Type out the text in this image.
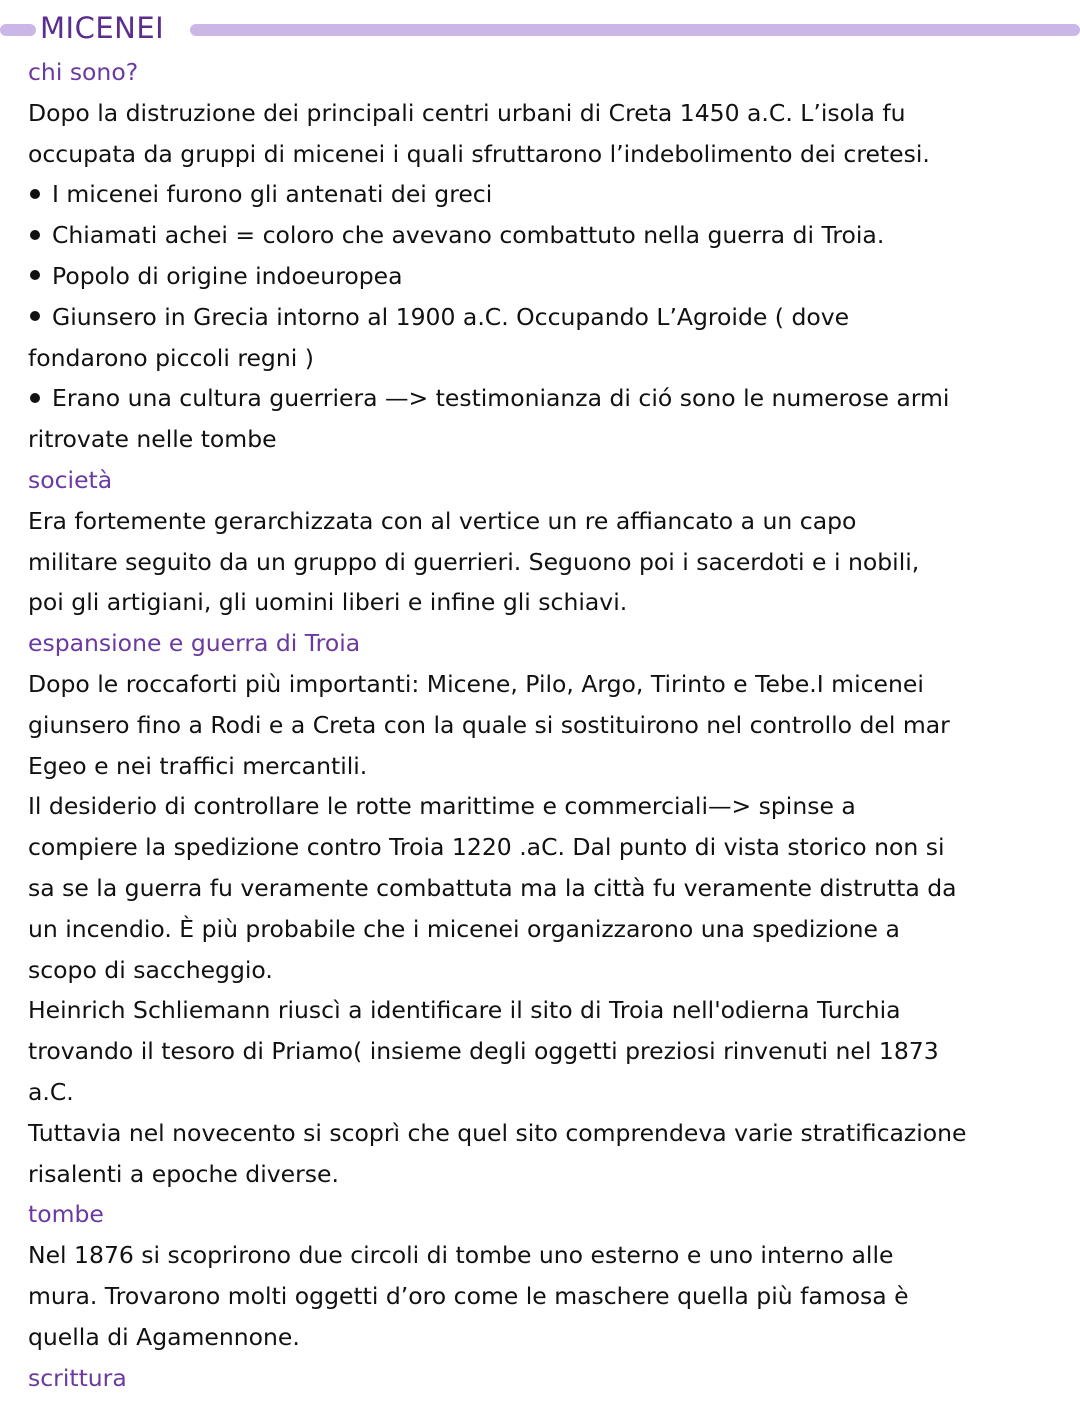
MICENEI

chi sono?

Dopo la distruzione dei principali centri urbani di Creta 1450 a.C. L’isola fu

occupata da gruppi di micenei i quali sfruttarono l’indebolimento dei cretesi.

I micenei furono gli antenati dei greci

Chiamati achei = coloro che avevano combattuto nella guerra di Troia.

Popolo di origine indoeuropea

Giunsero in Grecia intorno al 1900 a.C. Occupando L’Agroide ( dove

fondarono piccoli regni )

Erano una cultura guerriera —> testimonianza di ció sono le numerose armi

ritrovate nelle tombe

società

Era fortemente gerarchizzata con al vertice un re affiancato a un capo

militare seguito da un gruppo di guerrieri. Seguono poi i sacerdoti e i nobili,

poi gli artigiani, gli uomini liberi e infine gli schiavi.

espansione e guerra di Troia

Dopo le roccaforti più importanti: Micene, Pilo, Argo, Tirinto e Tebe.I micenei

giunsero fino a Rodi e a Creta con la quale si sostituirono nel controllo del mar

Egeo e nei traffici mercantili.

Il desiderio di controllare le rotte marittime e commerciali—> spinse a

compiere la spedizione contro Troia 1220 .aC. Dal punto di vista storico non si

sa se la guerra fu veramente combattuta ma la città fu veramente distrutta da

un incendio. È più probabile che i micenei organizzarono una spedizione a

scopo di saccheggio.

Heinrich Schliemann riuscì a identificare il sito di Troia nell'odierna Turchia

trovando il tesoro di Priamo( insieme degli oggetti preziosi rinvenuti nel 1873

a.C.

Tuttavia nel novecento si scoprì che quel sito comprendeva varie stratificazione

risalenti a epoche diverse.

tombe

Nel 1876 si scoprirono due circoli di tombe uno esterno e uno interno alle

mura. Trovarono molti oggetti d’oro come le maschere quella più famosa è

quella di Agamennone.

scrittura
